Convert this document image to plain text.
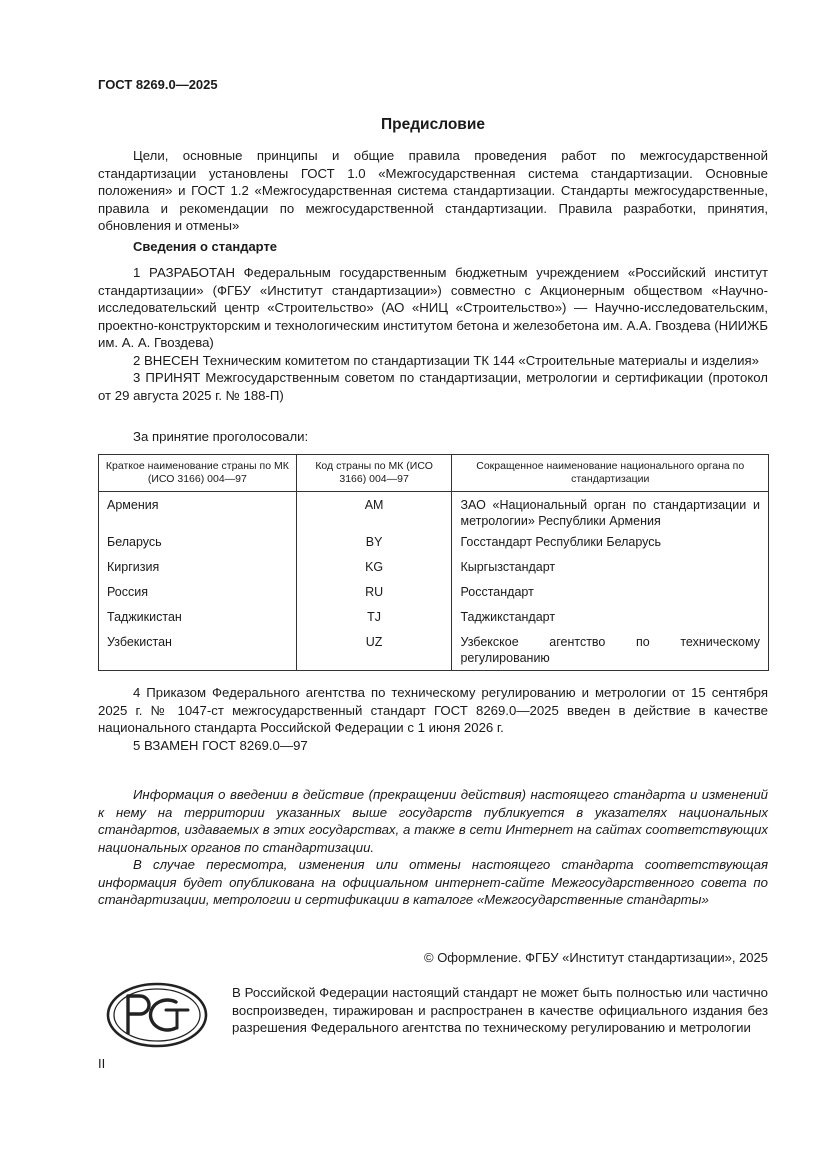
ГОСТ 8269.0—2025
Предисловие
Цели, основные принципы и общие правила проведения работ по межгосударственной стандартизации установлены ГОСТ 1.0 «Межгосударственная система стандартизации. Основные положения» и ГОСТ 1.2 «Межгосударственная система стандартизации. Стандарты межгосударственные, правила и рекомендации по межгосударственной стандартизации. Правила разработки, принятия, обновления и отмены»
Сведения о стандарте

1 РАЗРАБОТАН Федеральным государственным бюджетным учреждением «Российский институт стандартизации» (ФГБУ «Институт стандартизации») совместно с Акционерным обществом «Научно-исследовательский центр «Строительство» (АО «НИЦ «Строительство») — Научно-исследовательским, проектно-конструкторским и технологическим институтом бетона и железобетона им. А.А. Гвоздева (НИИЖБ им. А. А. Гвоздева)

2 ВНЕСЕН Техническим комитетом по стандартизации ТК 144 «Строительные материалы и изделия»

3 ПРИНЯТ Межгосударственным советом по стандартизации, метрологии и сертификации (протокол от 29 августа 2025 г. № 188-П)

За принятие проголосовали:
Краткое наименование страны по МК (ИСО 3166) 004—97	Код страны по МК (ИСО 3166) 004—97	Сокращенное наименование национального органа по стандартизации
Армения	AM	ЗАО «Национальный орган по стандартизации и метрологии» Республики Армения
Беларусь	BY	Госстандарт Республики Беларусь
Киргизия	KG	Кыргызстандарт
Россия	RU	Росстандарт
Таджикистан	TJ	Таджикстандарт
Узбекистан	UZ	Узбекское агентство по техническому регулированию

4 Приказом Федерального агентства по техническому регулированию и метрологии от 15 сентября 2025 г. № 1047-ст межгосударственный стандарт ГОСТ 8269.0—2025 введен в действие в качестве национального стандарта Российской Федерации с 1 июня 2026 г.

5 ВЗАМЕН ГОСТ 8269.0—97

Информация о введении в действие (прекращении действия) настоящего стандарта и изменений к нему на территории указанных выше государств публикуется в указателях национальных стандартов, издаваемых в этих государствах, а также в сети Интернет на сайтах соответствующих национальных органов по стандартизации.

В случае пересмотра, изменения или отмены настоящего стандарта соответствующая информация будет опубликована на официальном интернет-сайте Межгосударственного совета по стандартизации, метрологии и сертификации в каталоге «Межгосударственные стандарты»

© Оформление. ФГБУ «Институт стандартизации», 2025
В Российской Федерации настоящий стандарт не может быть полностью или частично воспроизведен, тиражирован и распространен в качестве официального издания без разрешения Федерального агентства по техническому регулированию и метрологии
II
